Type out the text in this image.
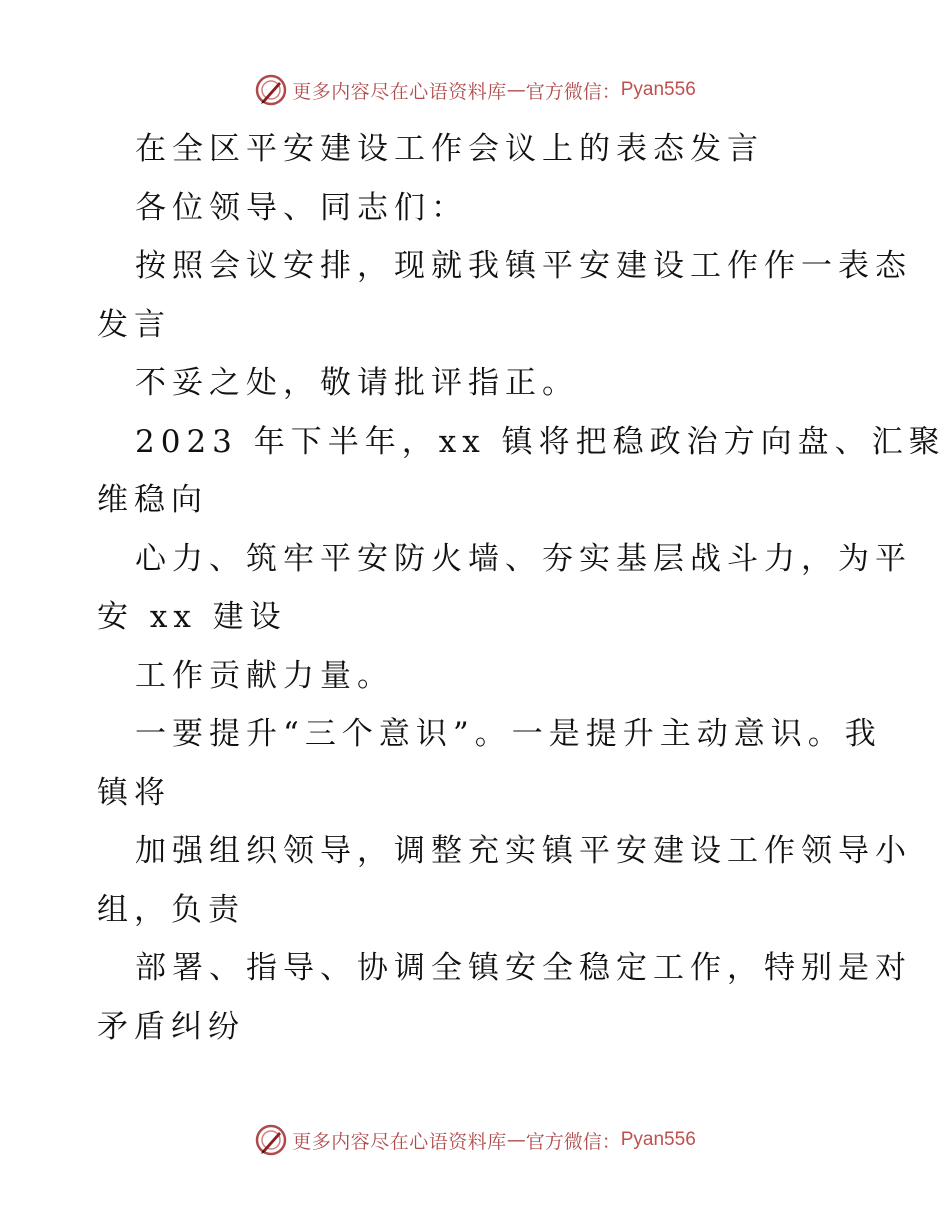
更多内容尽在心语资料库 — 官方微信： Pyan556
在全区平安建设工作会议上的表态发言
各位领导、同志们：
按照会议安排，现就我镇平安建设工作作一表态
发言
不妥之处，敬请批评指正。
2023 年下半年，xx 镇将把稳政治方向盘、汇聚
维稳向
心力、筑牢平安防火墙、夯实基层战斗力，为平
安 xx 建设
工作贡献力量。
一要提升“三个意识”。一是提升主动意识。我
镇将
加强组织领导，调整充实镇平安建设工作领导小
组，负责
部署、指导、协调全镇安全稳定工作，特别是对
矛盾纠纷
更多内容尽在心语资料库 — 官方微信： Pyan556
